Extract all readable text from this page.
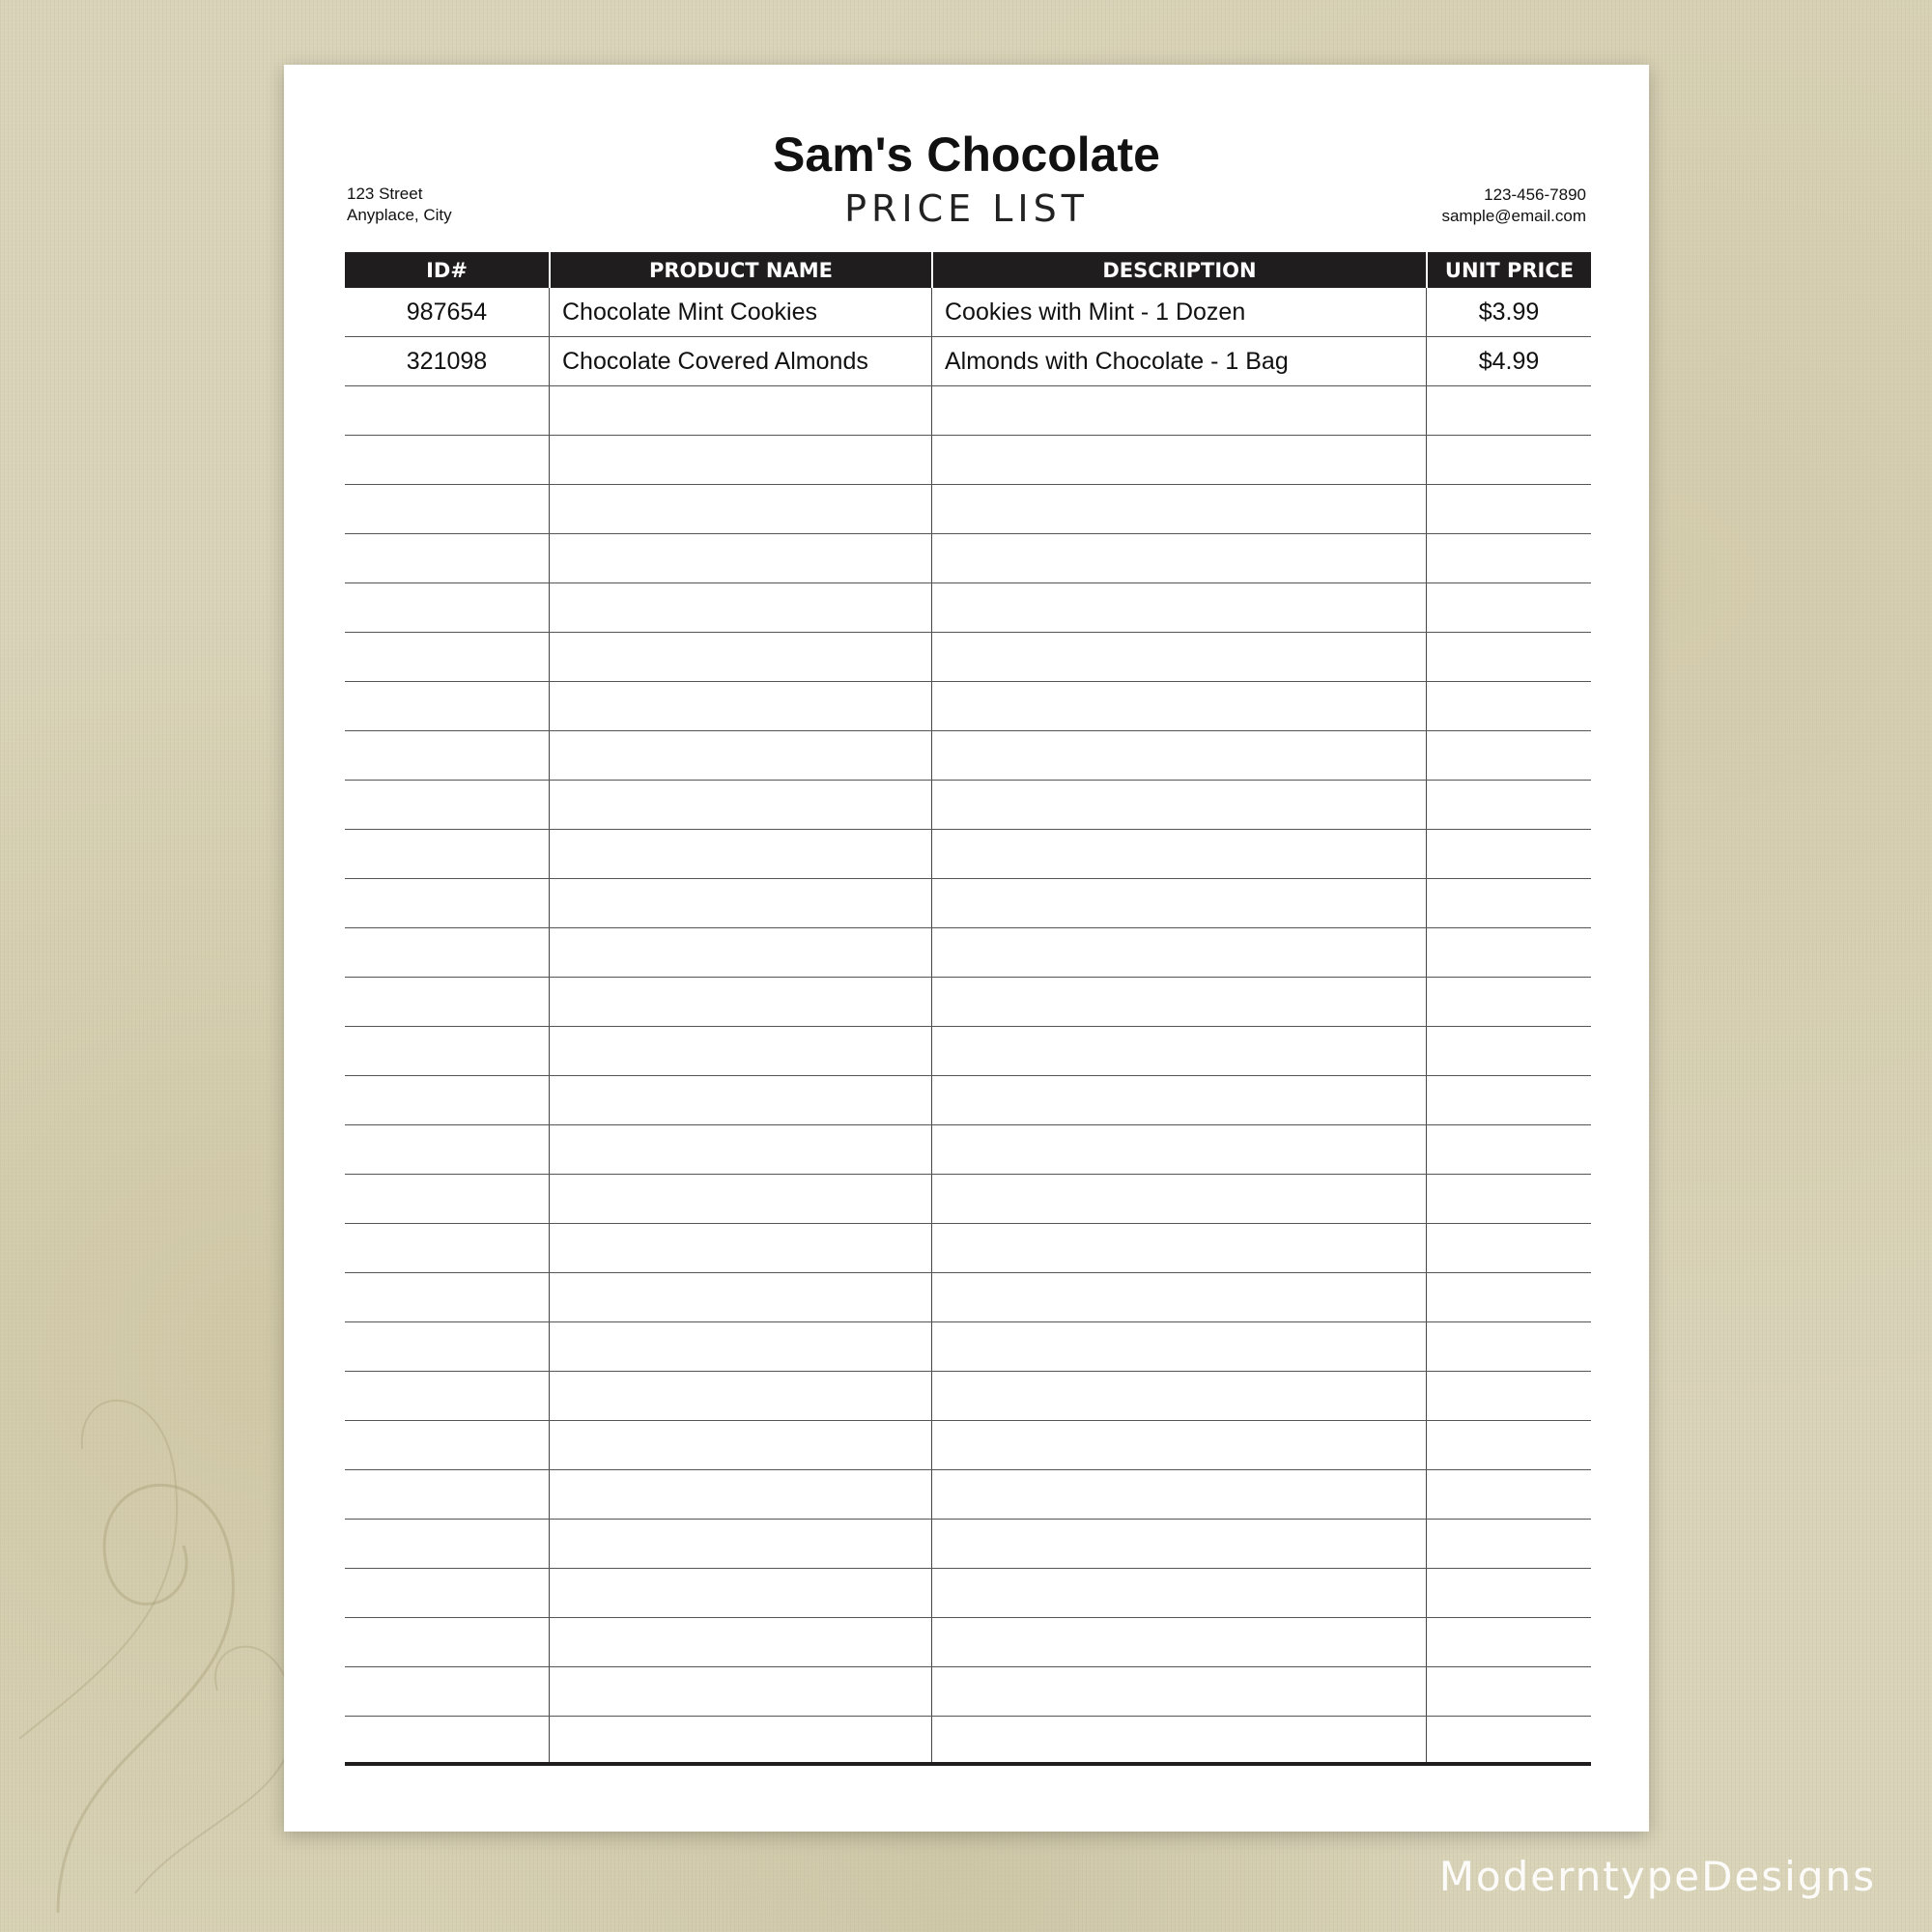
Sam's Chocolate
PRICE LIST
123 Street
Anyplace, City
123-456-7890
sample@email.com
ID#	PRODUCT NAME	DESCRIPTION	UNIT PRICE
987654	Chocolate Mint Cookies	Cookies with Mint - 1 Dozen	$3.99
321098	Chocolate Covered Almonds	Almonds with Chocolate - 1 Bag	$4.99
ModerntypeDesigns
